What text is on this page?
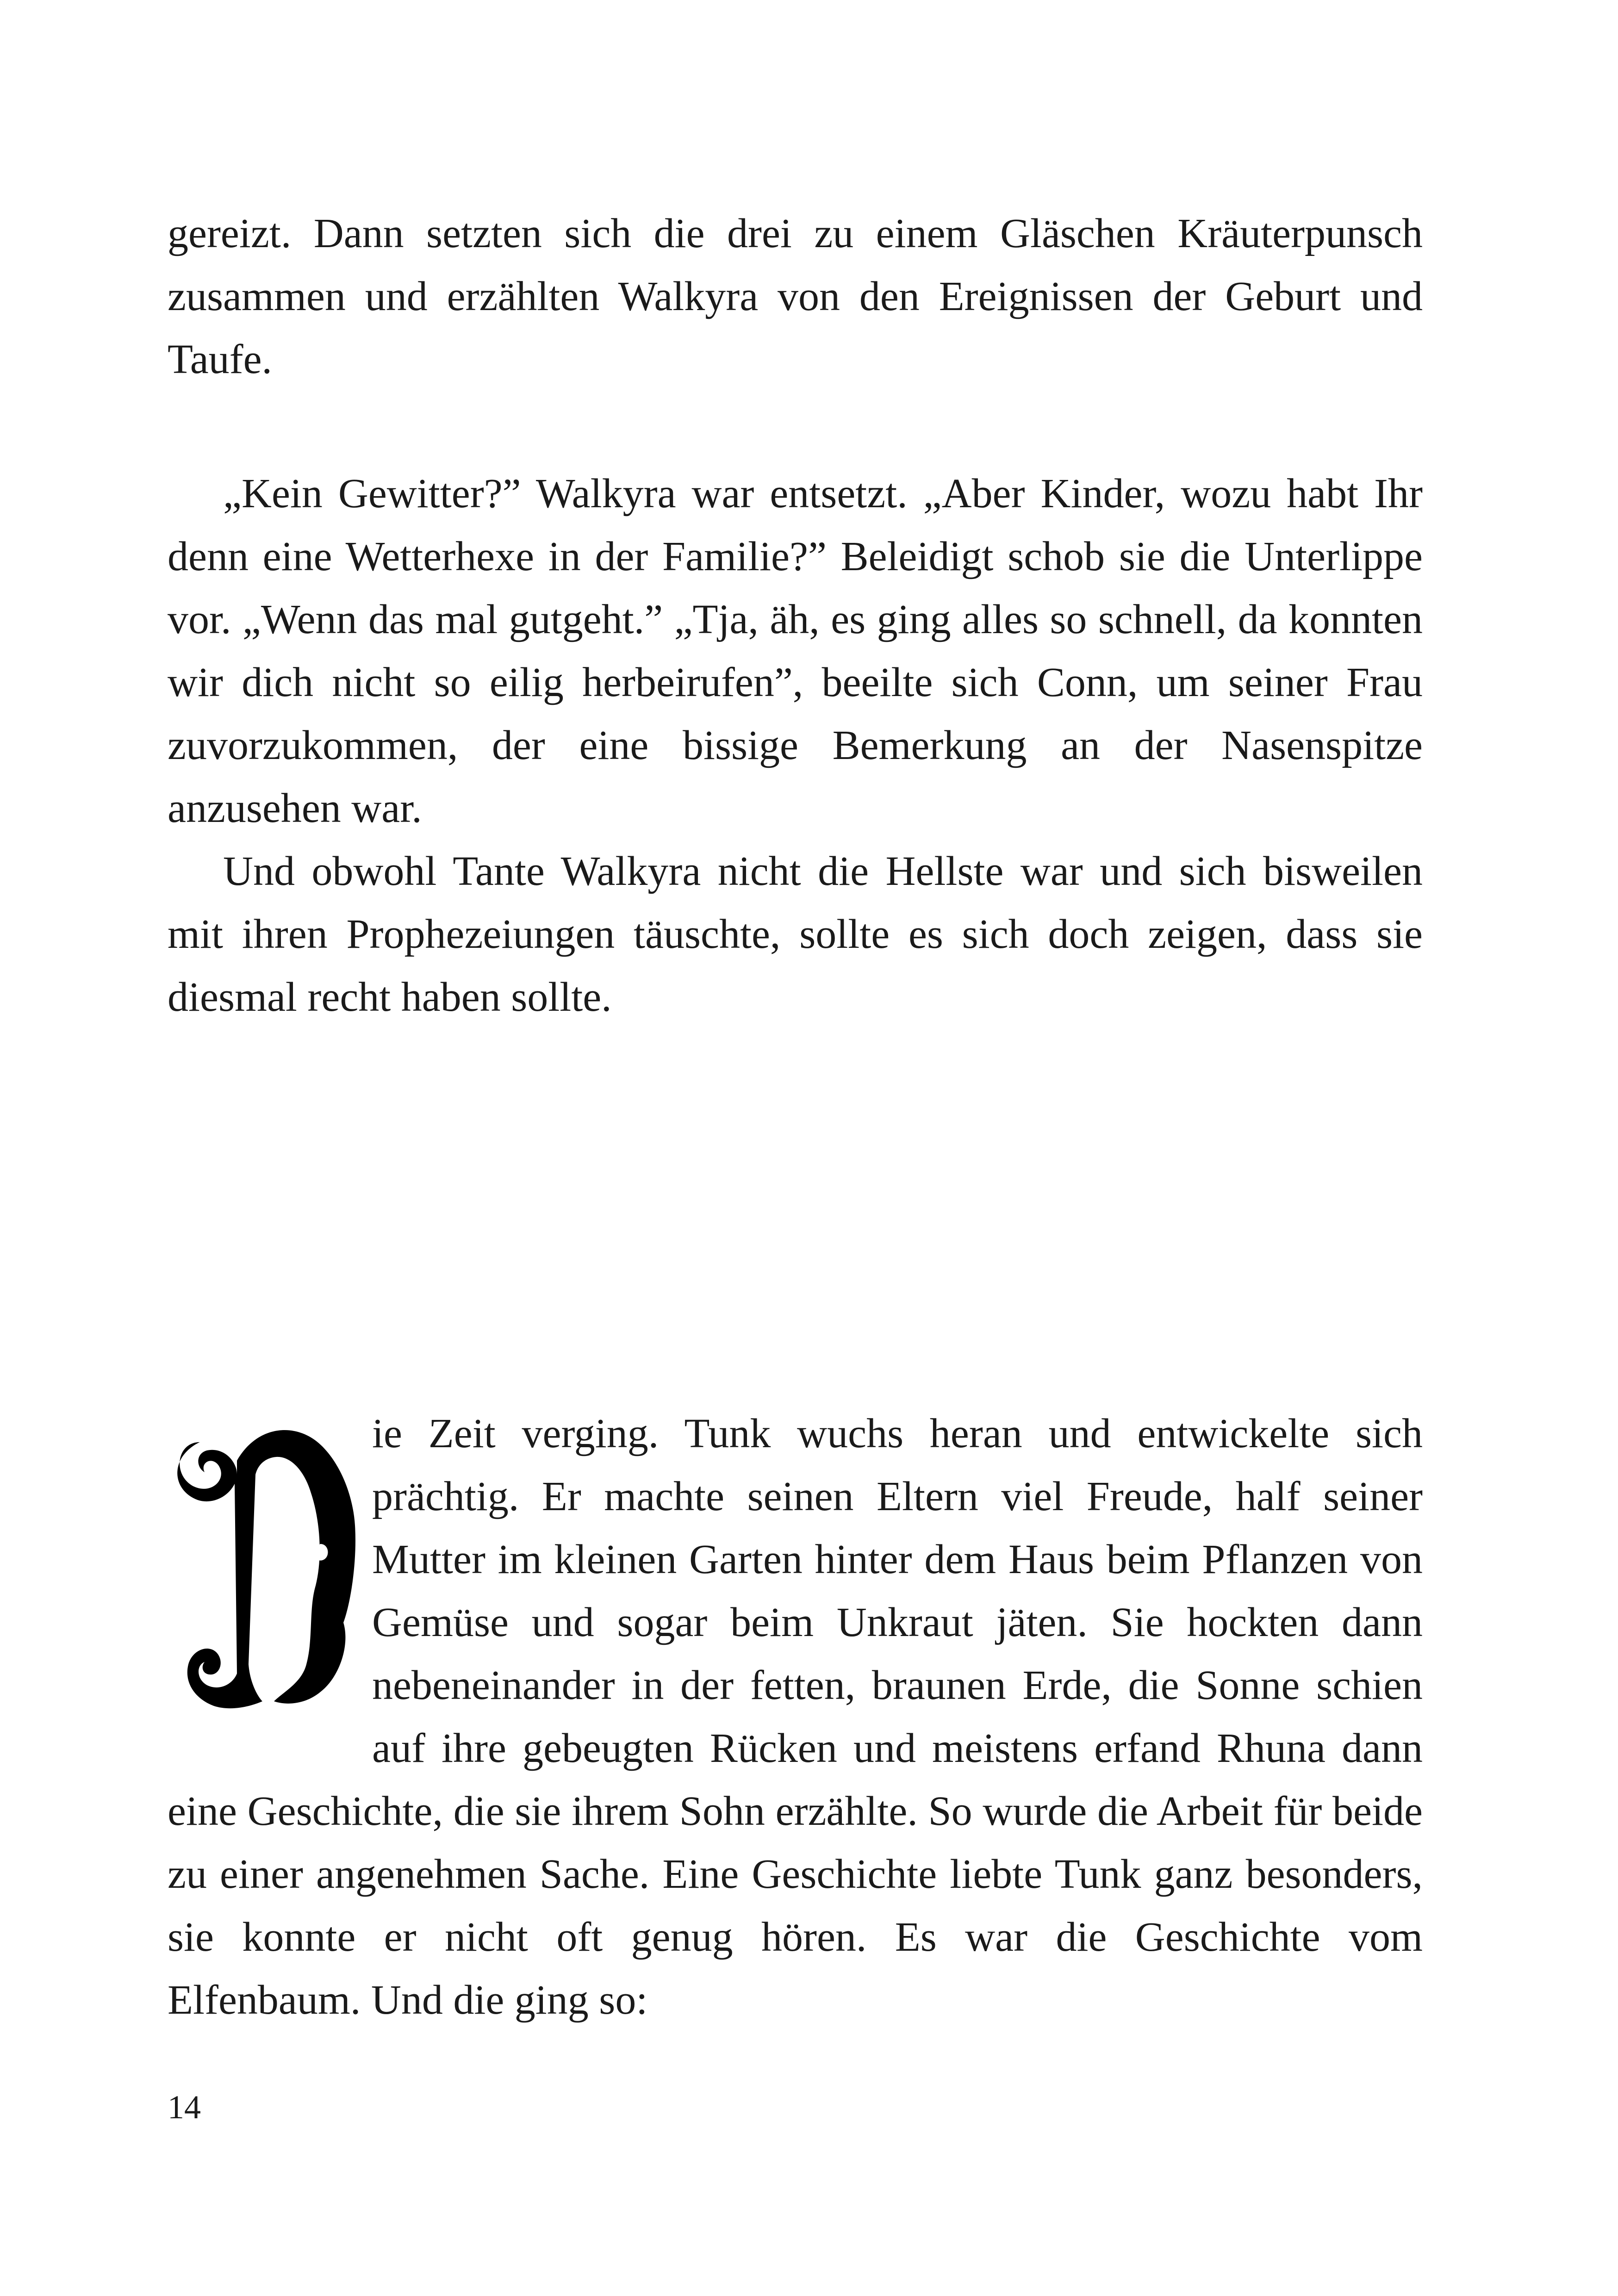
gereizt. Dann setzten sich die drei zu einem Gläschen Kräuterpunsch zusammen und erzählten Walkyra von den Ereignissen der Geburt und Taufe.

„Kein Gewitter?” Walkyra war entsetzt. „Aber Kinder, wozu habt Ihr denn eine Wetterhexe in der Familie?” Beleidigt schob sie die Unterlippe vor. „Wenn das mal gutgeht.” „Tja, äh, es ging alles so schnell, da konnten wir dich nicht so eilig herbeirufen”, beeilte sich Conn, um seiner Frau zuvorzukommen, der eine bissige Bemerkung an der Nasenspitze anzusehen war.

Und obwohl Tante Walkyra nicht die Hellste war und sich bisweilen mit ihren Prophezeiungen täuschte, sollte es sich doch zeigen, dass sie diesmal recht haben sollte.

ie Zeit verging. Tunk wuchs heran und entwickelte sich prächtig. Er machte seinen Eltern viel Freude, half seiner Mutter im kleinen Garten hinter dem Haus beim Pflanzen von Gemüse und sogar beim Unkraut jäten. Sie hockten dann nebeneinander in der fetten, braunen Erde, die Sonne schien auf ihre gebeugten Rücken und meistens erfand Rhuna dann eine Geschichte, die sie ihrem Sohn erzählte. So wurde die Arbeit für beide zu einer angenehmen Sache. Eine Geschichte liebte Tunk ganz besonders, sie konnte er nicht oft genug hören. Es war die Geschichte vom Elfenbaum. Und die ging so:

14
